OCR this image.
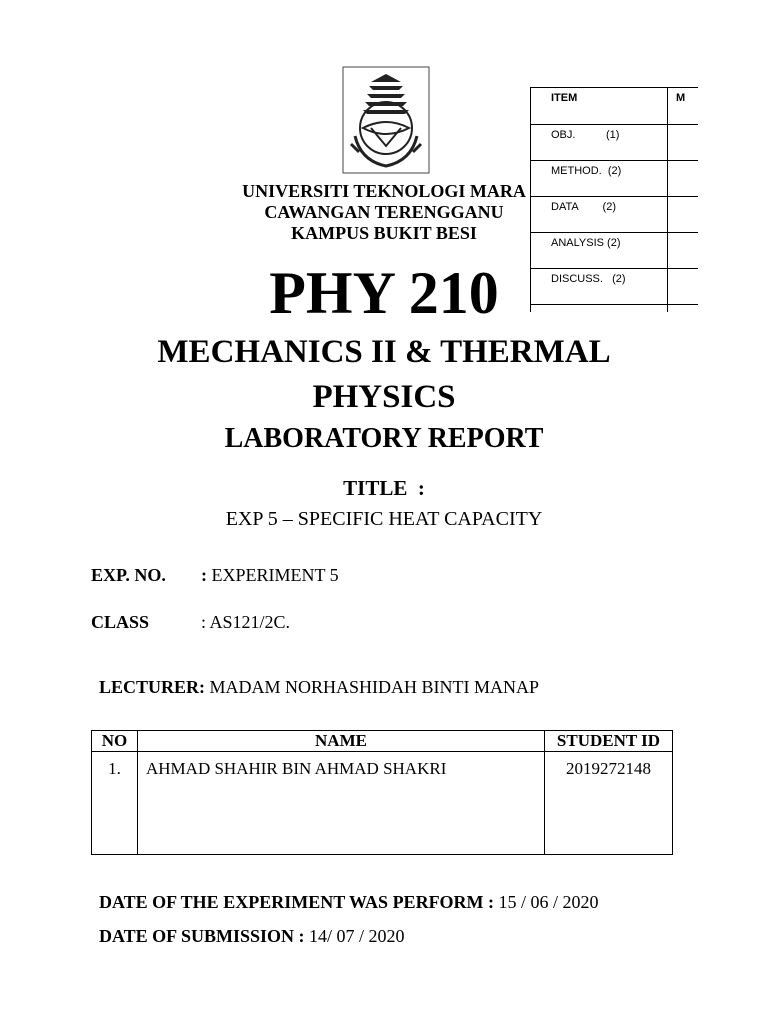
UNIVERSITI TEKNOLOGI MARA
CAWANGAN TERENGGANU
KAMPUS BUKIT BESI
ITEM	M
OBJ.          (1)	
METHOD.  (2)	
DATA        (2)	
ANALYSIS (2)	
DISCUSS.   (2)	

PHY 210
MECHANICS II & THERMAL
PHYSICS
LABORATORY REPORT
TITLE  :
EXP 5 – SPECIFIC HEAT CAPACITY
EXP. NO. : EXPERIMENT 5
CLASS	: AS121/2C.

LECTURER: MADAM NORHASHIDAH BINTI MANAP

NO	NAME	STUDENT ID
1.	AHMAD SHAHIR BIN AHMAD SHAKRI	2019272148

DATE OF THE EXPERIMENT WAS PERFORM : 15 / 06 / 2020

DATE OF SUBMISSION : 14/ 07 / 2020
